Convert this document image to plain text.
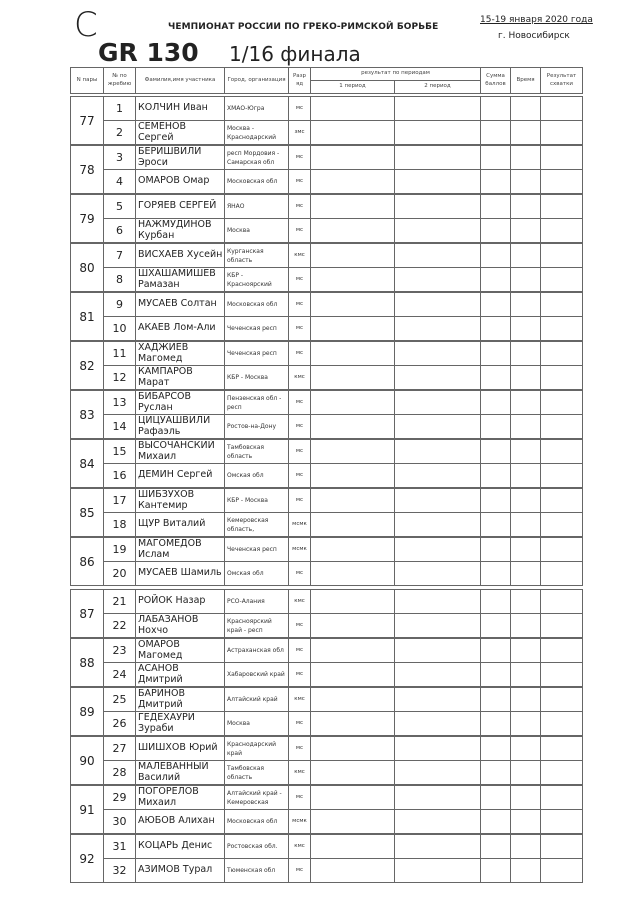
С	ЧЕМПИОНАТ РОССИИ ПО ГРЕКО-РИМСКОЙ БОРЬБЕ
15-19 января 2020 года
г. Новосибирск
GR 130 1/16 финала
N пары	№ по жребию	Фамилия,имя участника	Город, организация	Разр яд	результат по периодам		Сумма баллов	Время	Результат схватки
					1 период	2 период			
77	1	КОЛЧИН Иван	ХМАО-Югра	мс					
	2	СЕМЕНОВ Сергей	Москва - Краснодарский	змс					
78	3	БЕРИШВИЛИ Эроси	респ Мордовия - Самарская обл	мс					
	4	ОМАРОВ Омар	Московская обл	мс					
79	5	ГОРЯЕВ СЕРГЕЙ	ЯНАО	мс					
	6	НАЖМУДИНОВ Курбан	Москва	мс					
80	7	ВИСХАЕВ Хусейн	Курганская область	кмс					
	8	ШХАШАМИШЕВ Рамазан	КБР - Красноярский	мс					
81	9	МУСАЕВ Солтан	Московская обл	мс					
	10	АКАЕВ Лом-Али	Чеченская респ	мс					
82	11	ХАДЖИЕВ Магомед	Чеченская респ	мс					
	12	КАМПАРОВ Марат	КБР - Москва	кмс					
83	13	БИБАРСОВ Руслан	Пензенская обл - респ	мс					
	14	ЦИЦУАШВИЛИ Рафаэль	Ростов-на-Дону	мс					
84	15	ВЫСОЧАНСКИЙ Михаил	Тамбовская область	мс					
	16	ДЕМИН Сергей	Омская обл	мс					
85	17	ШИБЗУХОВ Кантемир	КБР - Москва	мс					
	18	ЩУР Виталий	Кемеровская область,	мсмк					
86	19	МАГОМЕДОВ Ислам	Чеченская респ	мсмк					
	20	МУСАЕВ Шамиль	Омская обл	мс					
87	21	РОЙОК Назар	РСО-Алания	кмс					
	22	ЛАБАЗАНОВ Нохчо	Красноярский край - респ	мс					
88	23	ОМАРОВ Магомед	Астраханская обл	мс					
	24	АСАНОВ Дмитрий	Хабаровский край	мс					
89	25	БАРИНОВ Дмитрий	Алтайский край	кмс					
	26	ГЕДЕХАУРИ Зураби	Москва	мс					
90	27	ШИШХОВ Юрий	Краснодарский край	мс					
	28	МАЛЕВАННЫЙ Василий	Тамбовская область	кмс					
91	29	ПОГОРЕЛОВ Михаил	Алтайский край - Кемеровская	мс					
	30	АЮБОВ Алихан	Московская обл	мсмк					
92	31	КОЦАРЬ Денис	Ростовская обл.	кмс					
	32	АЗИМОВ Турал	Тюменская обл	мс					
